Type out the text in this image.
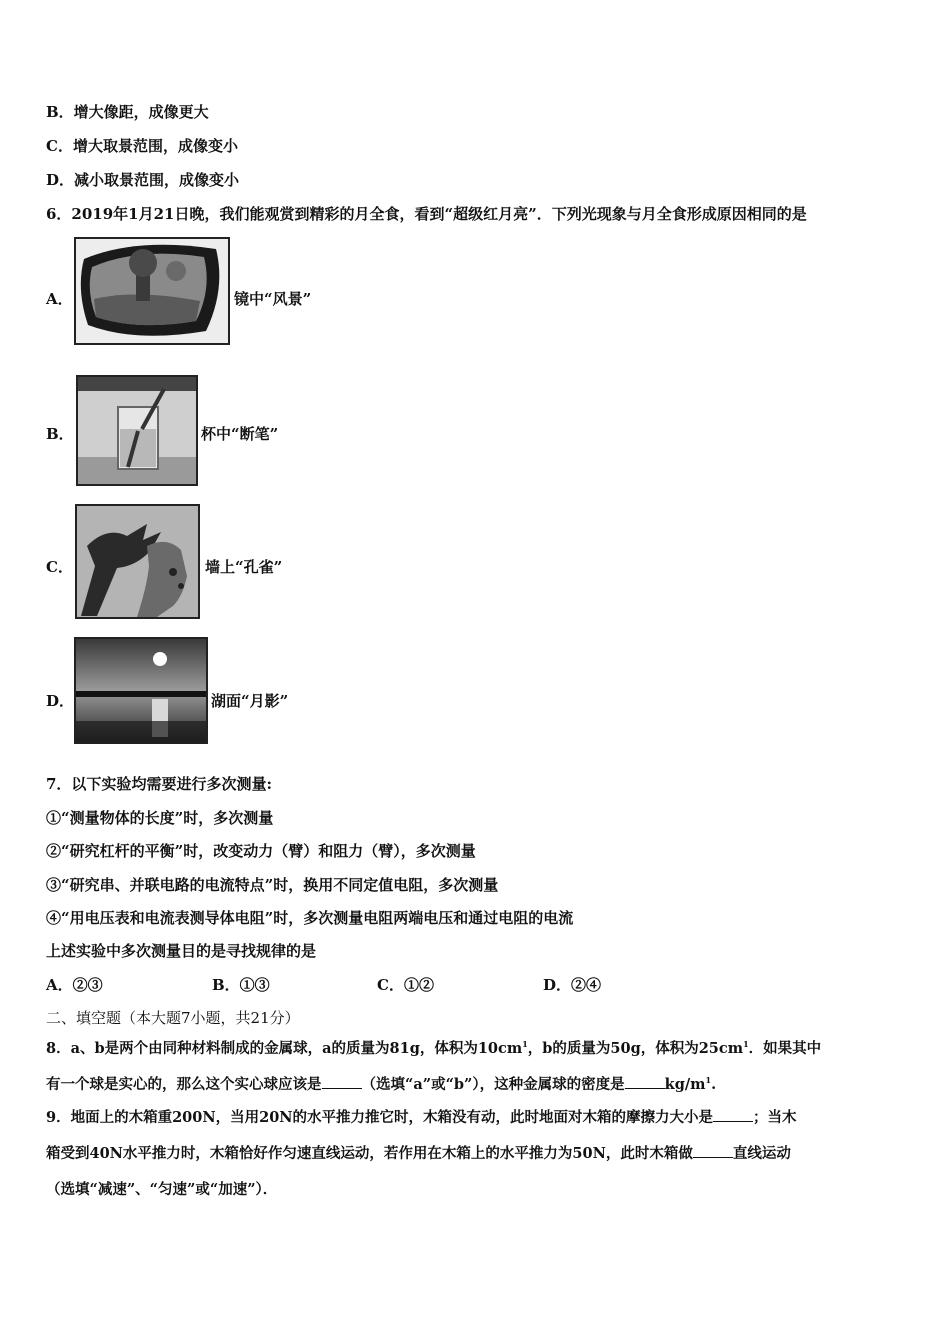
B．增大像距，成像更大
C．增大取景范围，成像变小
D．减小取景范围，成像变小
6．2019年1月21日晚，我们能观赏到精彩的月全食，看到“超级红月亮”．下列光现象与月全食形成原因相同的是
A．	镜中“风景”
B．	杯中“断笔”
C．	墙上“孔雀”
D．	湖面“月影”
7．以下实验均需要进行多次测量:
①“测量物体的长度”时，多次测量
②“研究杠杆的平衡”时，改变动力（臂）和阻力（臂），多次测量
③“研究串、并联电路的电流特点”时，换用不同定值电阻，多次测量
④“用电压表和电流表测导体电阻”时，多次测量电阻两端电压和通过电阻的电流
上述实验中多次测量目的是寻找规律的是
A．②③	B．①③	C．①②	D．②④
二、填空题（本大题7小题，共21分）
8．a、b是两个由同种材料制成的金属球，a的质量为81g，体积为$10cm^1$，b的质量为50g，体积为$25cm^1$．如果其中
有一个球是实心的，那么这个实心球应该是	（选填“a”或“b”），这种金属球的密度是	$kg/m^1$.
9．地面上的木箱重200N，当用20N的水平推力推它时，木箱没有动，此时地面对木箱的摩擦力大小是	；当木
箱受到40N水平推力时，木箱恰好作匀速直线运动，若作用在木箱上的水平推力为50N，此时木箱做	直线运动
（选填“减速”、“匀速”或“加速”）．
